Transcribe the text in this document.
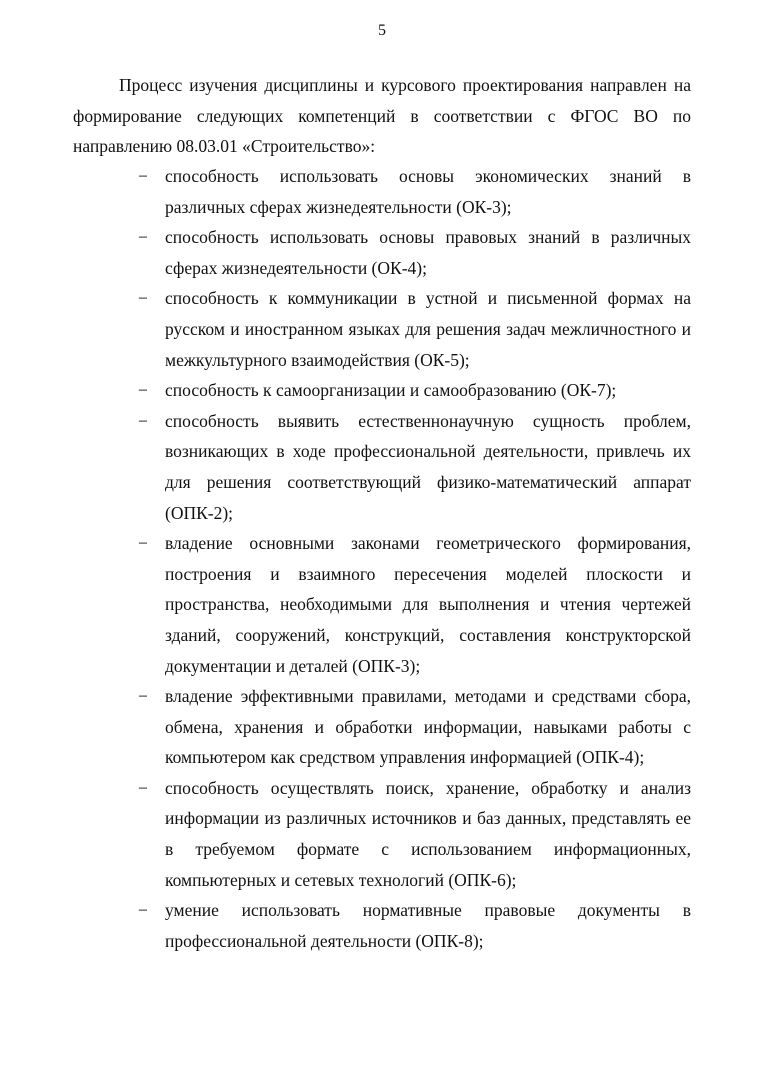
5

Процесс изучения дисциплины и курсового проектирования направлен на формирование следующих компетенций в соответствии с ФГОС ВО по направлению 08.03.01 «Строительство»:

− способность использовать основы экономических знаний в различных сферах жизнедеятельности (ОК-3);
− способность использовать основы правовых знаний в различных сферах жизнедеятельности (ОК-4);
− способность к коммуникации в устной и письменной формах на русском и иностранном языках для решения задач межличностного и межкультурного взаимодействия (ОК-5);
− способность к самоорганизации и самообразованию (ОК-7);
− способность выявить естественнонаучную сущность проблем, возникающих в ходе профессиональной деятельности, привлечь их для решения соответствующий физико-математический аппарат (ОПК-2);
− владение основными законами геометрического формирования, построения и взаимного пересечения моделей плоскости и пространства, необходимыми для выполнения и чтения чертежей зданий, сооружений, конструкций, составления конструкторской документации и деталей (ОПК-3);
− владение эффективными правилами, методами и средствами сбора, обмена, хранения и обработки информации, навыками работы с компьютером как средством управления информацией (ОПК-4);
− способность осуществлять поиск, хранение, обработку и анализ информации из различных источников и баз данных, представлять ее в требуемом формате с использованием информационных, компьютерных и сетевых технологий (ОПК-6);
− умение использовать нормативные правовые документы в профессиональной деятельности (ОПК-8);
